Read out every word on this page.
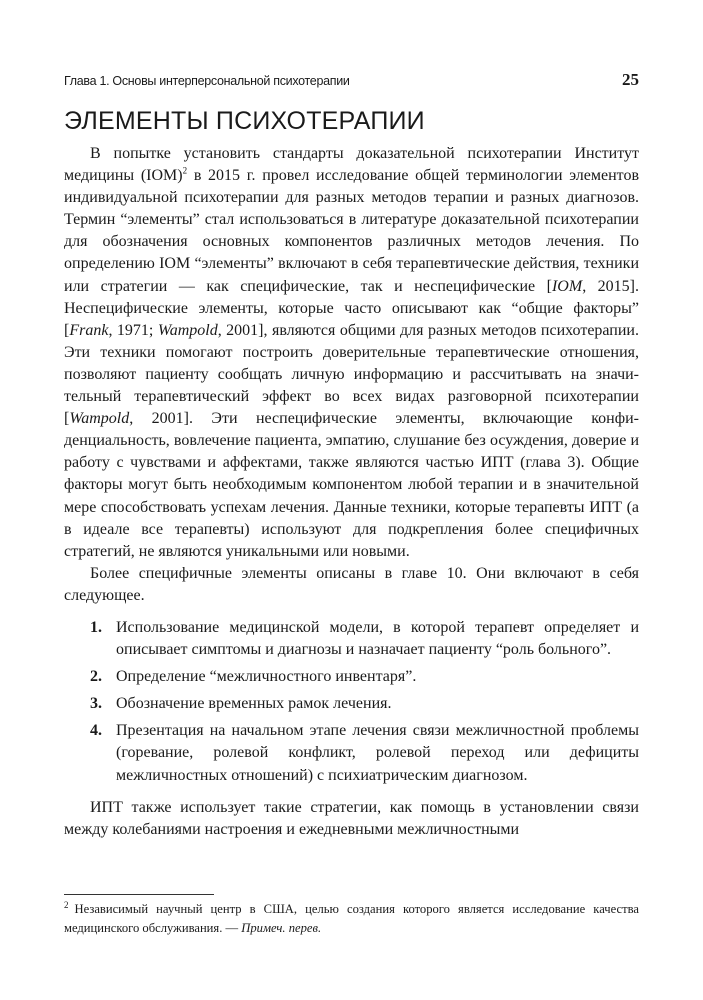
Глава 1. Основы интерперсональной психотерапии	25
ЭЛЕМЕНТЫ ПСИХОТЕРАПИИ

В попытке установить стандарты доказательной психотерапии Институт медицины (IOM)$^2$ в 2015 г. провел исследование общей терминологии элементов индивидуальной психотерапии для разных методов терапии и разных диагнозов. Термин “элементы” стал использоваться в литературе доказательной психотерапии для обозначения основных компонентов различных методов лечения. По определению IOM “элементы” включают в себя терапевтические действия, техники или стратегии — как специфические, так и неспецифические [IOM, 2015]. Неспецифические элементы, которые часто описывают как “общие факторы” [Frank, 1971; Wampold, 2001], являются общими для разных методов психотерапии. Эти техники помогают построить доверительные терапевтические отношения, позволяют пациенту сообщать личную информацию и рассчитывать на значительный терапевтический эффект во всех видах разговорной психотерапии [Wampold, 2001]. Эти неспецифические элементы, включающие конфиденциальность, вовлечение пациента, эмпатию, слушание без осуждения, доверие и работу с чувствами и аффектами, также являются частью ИПТ (глава 3). Общие факторы могут быть необходимым компонентом любой терапии и в значительной мере способствовать успехам лечения. Данные техники, которые терапевты ИПТ (а в идеале все терапевты) используют для подкрепления более специфичных стратегий, не являются уникальными или новыми.

Более специфичные элементы описаны в главе 10. Они включают в себя следующее.

1. Использование медицинской модели, в которой терапевт определяет и описывает симптомы и диагнозы и назначает пациенту “роль больного”.
2. Определение “межличностного инвентаря”.
3. Обозначение временных рамок лечения.
4. Презентация на начальном этапе лечения связи межличностной проблемы (горевание, ролевой конфликт, ролевой переход или дефициты межличностных отношений) с психиатрическим диагнозом.

ИПТ также использует такие стратегии, как помощь в установлении связи между колебаниями настроения и ежедневными межличностными

$^2$ Независимый научный центр в США, целью создания которого является исследование качества медицинского обслуживания. — Примеч. перев.
